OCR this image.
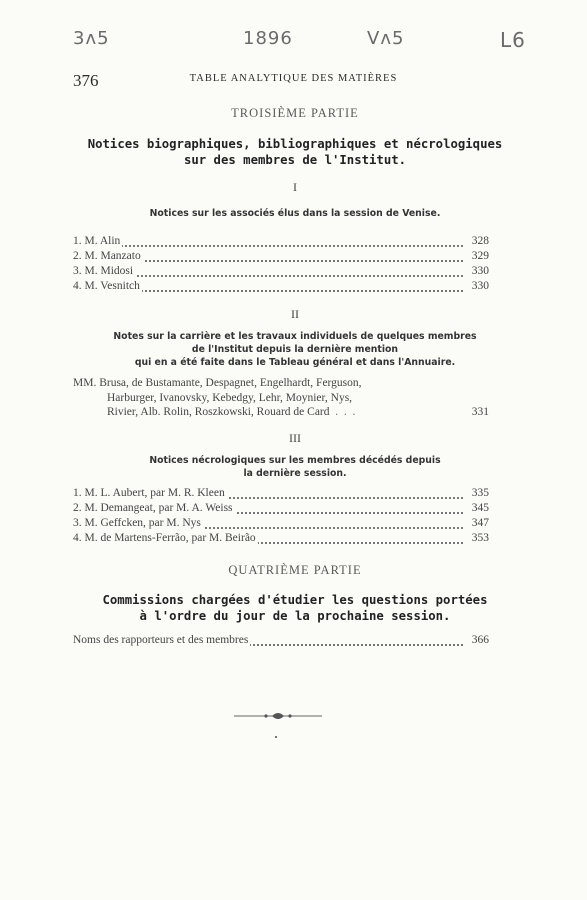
3ʌ5	1896	Vʌ5	L6
376	TABLE ANALYTIQUE DES MATIÈRES
TROISIÈME PARTIE
Notices biographiques, bibliographiques et nécrologiques
sur des membres de l'Institut.
I
Notices sur les associés élus dans la session de Venise.
1. M. Alin	328
2. M. Manzato	329
3. M. Midosi	330
4. M. Vesnitch	330
II
Notes sur la carrière et les travaux individuels de quelques membres
de l'Institut depuis la dernière mention
qui en a été faite dans le Tableau général et dans l'Annuaire.
MM. Brusa, de Bustamante, Despagnet, Engelhardt, Ferguson,
Harburger, Ivanovsky, Kebedgy, Lehr, Moynier, Nys,
Rivier, Alb. Rolin, Roszkowski, Rouard de Card  .  .  .	331
III
Notices nécrologiques sur les membres décédés depuis
la dernière session.
1. M. L. Aubert, par M. R. Kleen	335
2. M. Demangeat, par M. A. Weiss	345
3. M. Geffcken, par M. Nys	347
4. M. de Martens-Ferrão, par M. Beirão	353
QUATRIÈME PARTIE
Commissions chargées d'étudier les questions portées
à l'ordre du jour de la prochaine session.
Noms des rapporteurs et des membres	366
